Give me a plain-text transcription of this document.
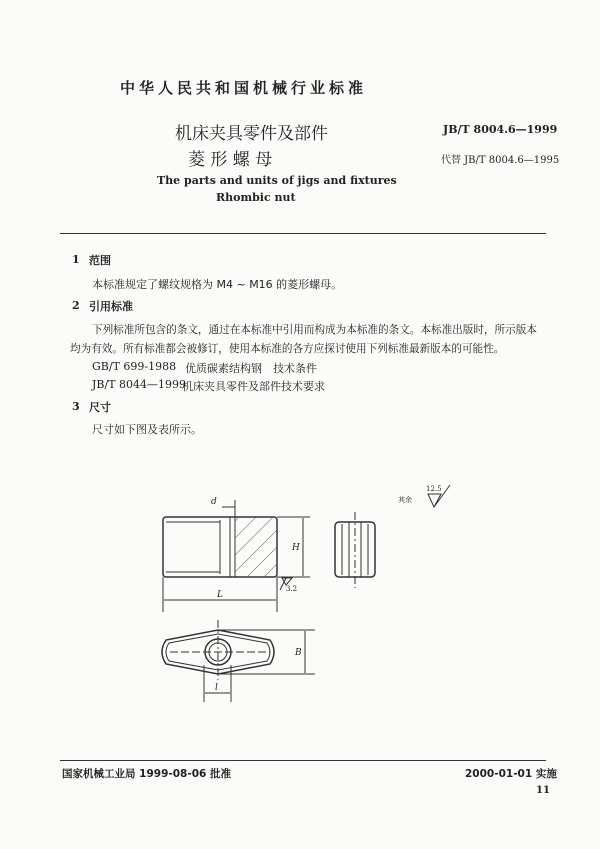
中华人民共和国机械行业标准
机床夹具零件及部件
菱 形 螺 母
The parts and units of jigs and fixtures
Rhombic nut
JB/T 8004.6—1999
代替 JB/T 8004.6—1995
1 范围
本标准规定了螺纹规格为 M4 ~ M16 的菱形螺母。
2 引用标准
下列标准所包含的条文，通过在本标准中引用而构成为本标准的条文。本标准出版时，所示版本
均为有效。所有标准都会被修订，使用本标准的各方应探讨使用下列标准最新版本的可能性。
GB/T 699-1988 优质碳素结构钢　技术条件
JB/T 8044—1999
机床夹具零件及部件技术要求
3 尺寸
尺寸如下图及表所示。
d
H
L
B
l
3.2
12.5
其余
国家机械工业局 1999-08-06 批准	2000-01-01 实施
11
